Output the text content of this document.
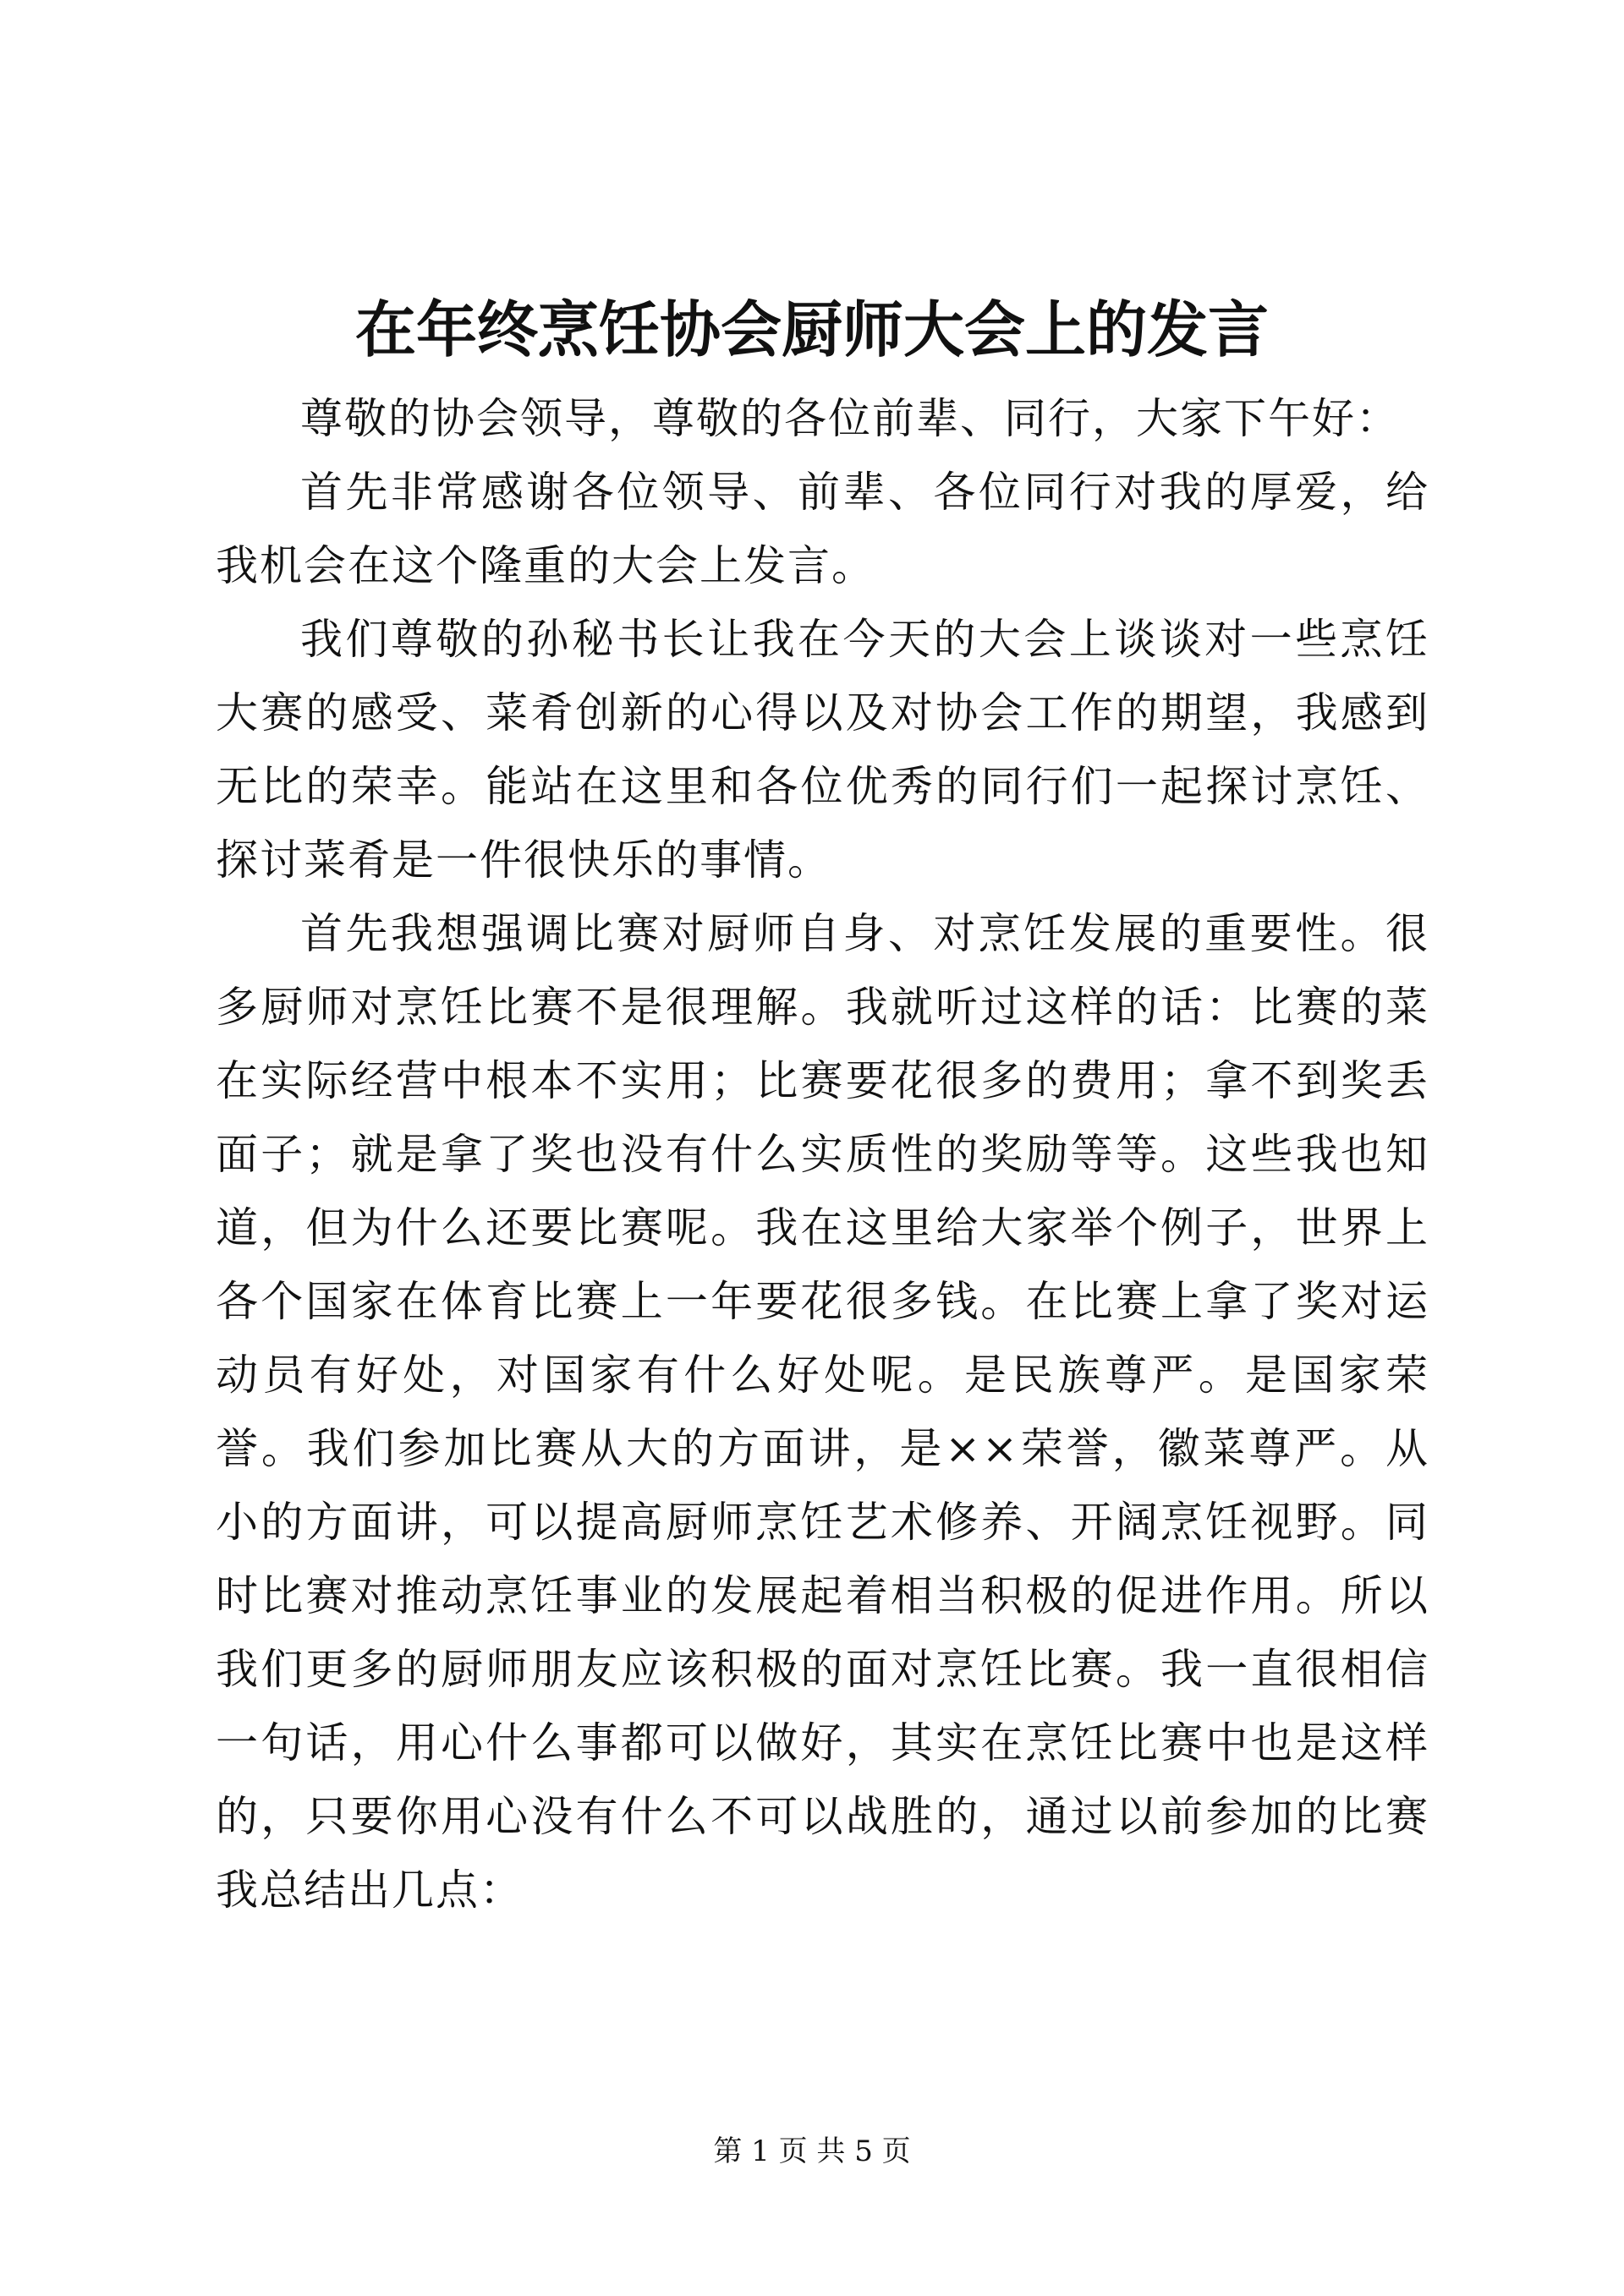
在年终烹饪协会厨师大会上的发言

尊敬的协会领导，尊敬的各位前辈、同行，大家下午好：

首先非常感谢各位领导、前辈、各位同行对我的厚爱，给我机会在这个隆重的大会上发言。

我们尊敬的孙秘书长让我在今天的大会上谈谈对一些烹饪大赛的感受、菜肴创新的心得以及对协会工作的期望，我感到无比的荣幸。能站在这里和各位优秀的同行们一起探讨烹饪、探讨菜肴是一件很快乐的事情。

首先我想强调比赛对厨师自身、对烹饪发展的重要性。很多厨师对烹饪比赛不是很理解。我就听过这样的话：比赛的菜在实际经营中根本不实用；比赛要花很多的费用；拿不到奖丢面子；就是拿了奖也没有什么实质性的奖励等等。这些我也知道，但为什么还要比赛呢。我在这里给大家举个例子，世界上各个国家在体育比赛上一年要花很多钱。在比赛上拿了奖对运动员有好处，对国家有什么好处呢。是民族尊严。是国家荣誉。我们参加比赛从大的方面讲，是××荣誉，徽菜尊严。从小的方面讲，可以提高厨师烹饪艺术修养、开阔烹饪视野。同时比赛对推动烹饪事业的发展起着相当积极的促进作用。所以我们更多的厨师朋友应该积极的面对烹饪比赛。我一直很相信一句话，用心什么事都可以做好，其实在烹饪比赛中也是这样的，只要你用心没有什么不可以战胜的，通过以前参加的比赛我总结出几点：

第 1 页 共 5 页
